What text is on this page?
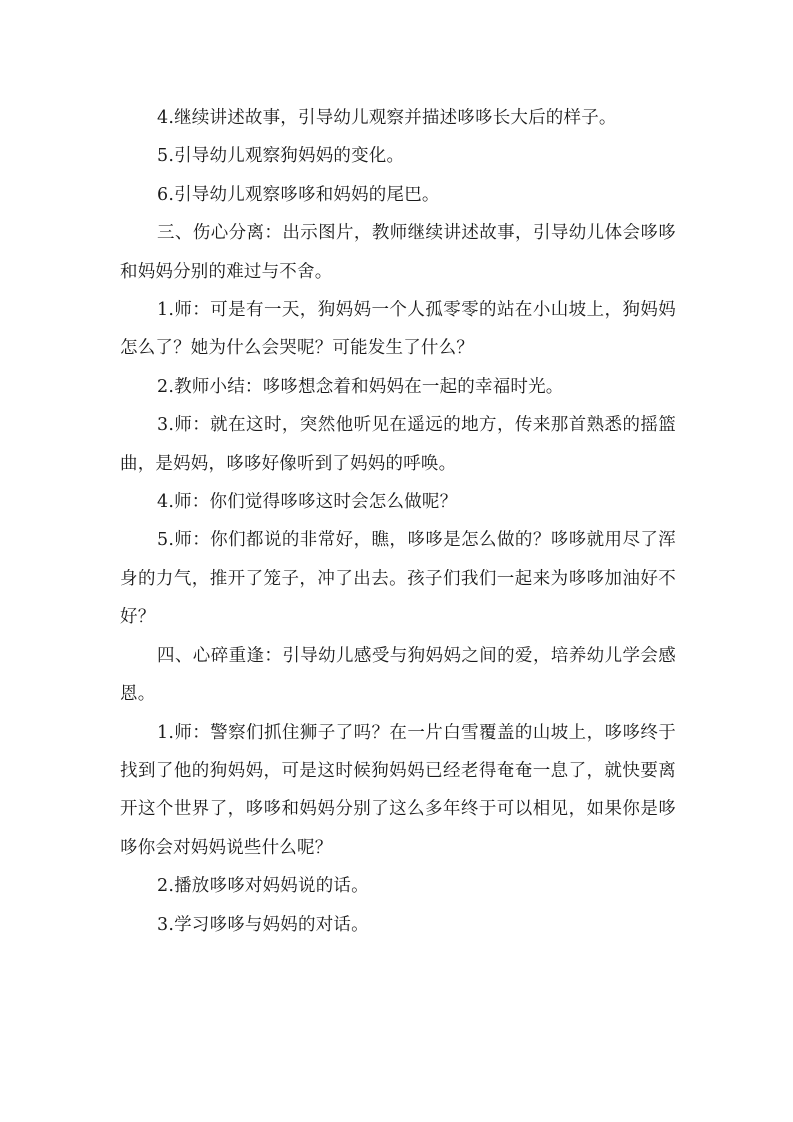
4.继续讲述故事，引导幼儿观察并描述哆哆长大后的样子。

5.引导幼儿观察狗妈妈的变化。

6.引导幼儿观察哆哆和妈妈的尾巴。

三、伤心分离：出示图片，教师继续讲述故事，引导幼儿体会哆哆和妈妈分别的难过与不舍。

1.师：可是有一天，狗妈妈一个人孤零零的站在小山坡上，狗妈妈怎么了？她为什么会哭呢？可能发生了什么？

2.教师小结：哆哆想念着和妈妈在一起的幸福时光。

3.师：就在这时，突然他听见在遥远的地方，传来那首熟悉的摇篮曲，是妈妈，哆哆好像听到了妈妈的呼唤。

4.师：你们觉得哆哆这时会怎么做呢？

5.师：你们都说的非常好，瞧，哆哆是怎么做的？哆哆就用尽了浑身的力气，推开了笼子，冲了出去。孩子们我们一起来为哆哆加油好不好？

四、心碎重逢：引导幼儿感受与狗妈妈之间的爱，培养幼儿学会感恩。

1.师：警察们抓住狮子了吗？在一片白雪覆盖的山坡上，哆哆终于找到了他的狗妈妈，可是这时候狗妈妈已经老得奄奄一息了，就快要离开这个世界了，哆哆和妈妈分别了这么多年终于可以相见，如果你是哆哆你会对妈妈说些什么呢？

2.播放哆哆对妈妈说的话。

3.学习哆哆与妈妈的对话。
